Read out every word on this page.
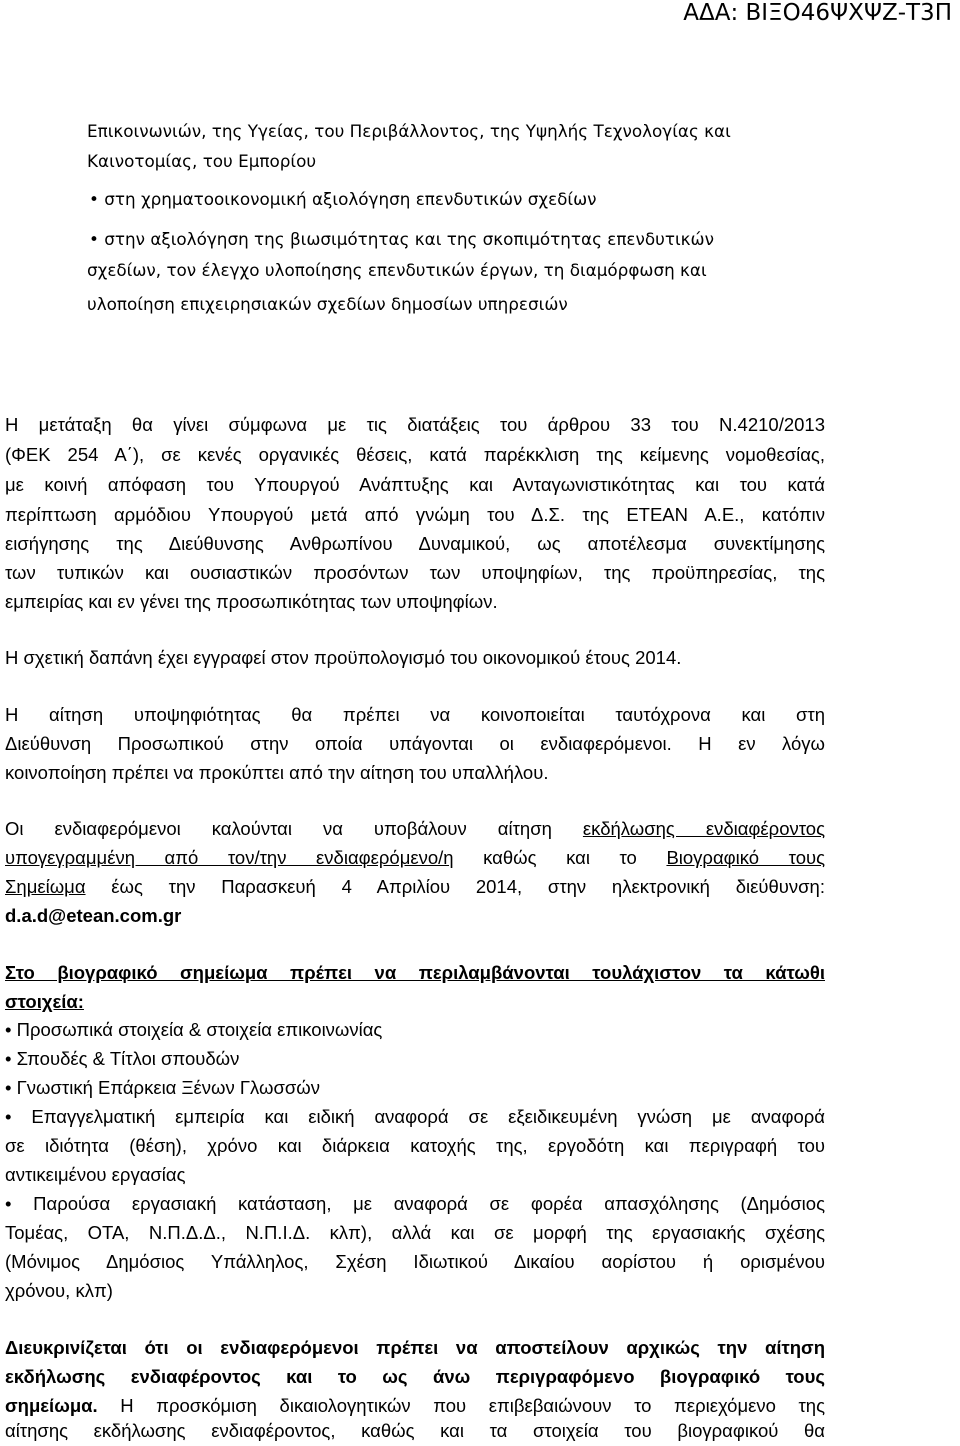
ΑΔΑ: ΒΙΞΟ46ΨΧΨΖ-Τ3Π

Επικοινωνιών, της Υγείας, του Περιβάλλοντος, της Υψηλής Τεχνολογίας και

Καινοτομίας, του Εμπορίου

• στη χρηματοοικονομική αξιολόγηση επενδυτικών σχεδίων

• στην αξιολόγηση της βιωσιμότητας και της σκοπιμότητας επενδυτικών

σχεδίων, τον έλεγχο υλοποίησης επενδυτικών έργων, τη διαμόρφωση και

υλοποίηση επιχειρησιακών σχεδίων δημοσίων υπηρεσιών

Η μετάταξη θα γίνει σύμφωνα με τις διατάξεις του άρθρου 33 του Ν.4210/2013

(ΦΕΚ 254 Α΄), σε κενές οργανικές θέσεις, κατά παρέκκλιση της κείμενης νομοθεσίας,

με κοινή απόφαση του Υπουργού Ανάπτυξης και Ανταγωνιστικότητας και του κατά

περίπτωση αρμόδιου Υπουργού μετά από γνώμη του Δ.Σ. της ΕΤΕΑΝ Α.Ε., κατόπιν

εισήγησης της Διεύθυνσης Ανθρωπίνου Δυναμικού, ως αποτέλεσμα συνεκτίμησης

των τυπικών και ουσιαστικών προσόντων των υποψηφίων, της προϋπηρεσίας, της

εμπειρίας και εν γένει της προσωπικότητας των υποψηφίων.

Η σχετική δαπάνη έχει εγγραφεί στον προϋπολογισμό του οικονομικού έτους 2014.

Η αίτηση υποψηφιότητας θα πρέπει να κοινοποιείται ταυτόχρονα και στη

Διεύθυνση Προσωπικού στην οποία υπάγονται οι ενδιαφερόμενοι. Η εν λόγω

κοινοποίηση πρέπει να προκύπτει από την αίτηση του υπαλλήλου.

Οι ενδιαφερόμενοι καλούνται να υποβάλουν αίτηση εκδήλωσης ενδιαφέροντος

υπογεγραμμένη από τον/την ενδιαφερόμενο/η καθώς και το Βιογραφικό τους

Σημείωμα έως την Παρασκευή 4 Απριλίου 2014, στην ηλεκτρονική διεύθυνση:

d.a.d@etean.com.gr

Στο βιογραφικό σημείωμα πρέπει να περιλαμβάνονται τουλάχιστον τα κάτωθι

στοιχεία:

• Προσωπικά στοιχεία & στοιχεία επικοινωνίας

• Σπουδές & Τίτλοι σπουδών

• Γνωστική Επάρκεια Ξένων Γλωσσών

• Επαγγελματική εμπειρία και ειδική αναφορά σε εξειδικευμένη γνώση με αναφορά

σε ιδιότητα (θέση), χρόνο και διάρκεια κατοχής της, εργοδότη και περιγραφή του

αντικειμένου εργασίας

• Παρούσα εργασιακή κατάσταση, με αναφορά σε φορέα απασχόλησης (Δημόσιος

Τομέας, ΟΤΑ, Ν.Π.Δ.Δ., Ν.Π.Ι.Δ. κλπ), αλλά και σε μορφή της εργασιακής σχέσης

(Μόνιμος Δημόσιος Υπάλληλος, Σχέση Ιδιωτικού Δικαίου αορίστου ή ορισμένου

χρόνου, κλπ)

Διευκρινίζεται ότι οι ενδιαφερόμενοι πρέπει να αποστείλουν αρχικώς την αίτηση

εκδήλωσης ενδιαφέροντος και το ως άνω περιγραφόμενο βιογραφικό τους

σημείωμα. Η προσκόμιση δικαιολογητικών που επιβεβαιώνουν το περιεχόμενο της

αίτησης εκδήλωσης ενδιαφέροντος, καθώς και τα στοιχεία του βιογραφικού θα
